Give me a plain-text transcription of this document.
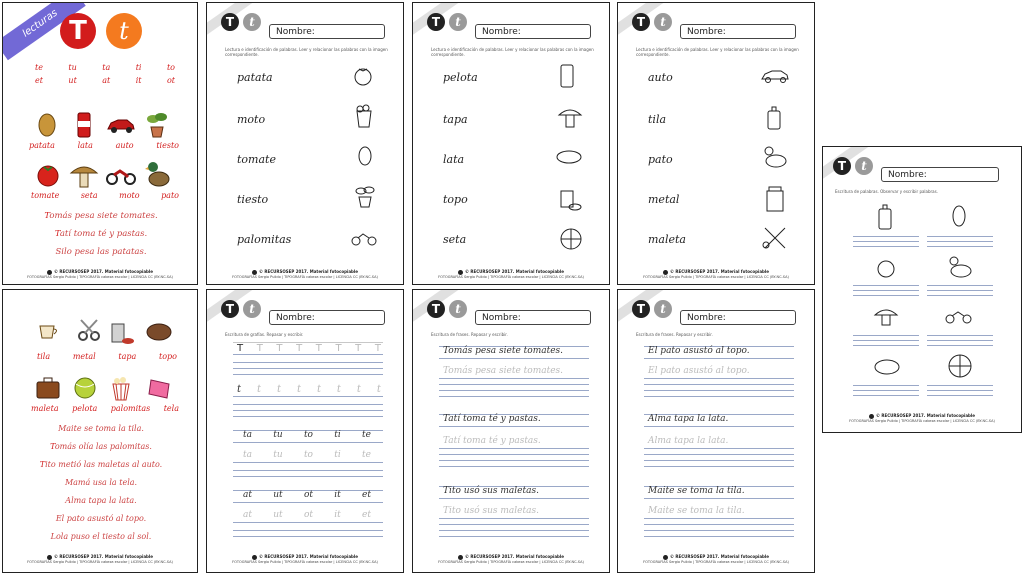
lecturas T	t
te	tu	ta	ti	to
et	ut	at	it	ot
patata	lata	auto	tiesto
tomate	seta	moto	pato
Tomás pesa siete tomates.
Tatí toma té y pastas.
Silo pesa las patatas.
© RECURSOSEP 2017. Material fotocopiable
FOTOGRAFÍAS Sergio Pulido | TIPOGRAFÍA cabeza escolar | LICENCIA CC (BY-NC-SA)
T	t
Nombre:
Lectura e identificación de palabras. Leer y relacionar las palabras con la imagen correspondiente.
patata
moto
tomate
tiesto
palomitas
© RECURSOSEP 2017. Material fotocopiable
FOTOGRAFÍAS Sergio Pulido | TIPOGRAFÍA cabeza escolar | LICENCIA CC (BY-NC-SA)
T	t
Nombre:
Lectura e identificación de palabras. Leer y relacionar las palabras con la imagen correspondiente.
pelota
tapa
lata
topo
seta
© RECURSOSEP 2017. Material fotocopiable
FOTOGRAFÍAS Sergio Pulido | TIPOGRAFÍA cabeza escolar | LICENCIA CC (BY-NC-SA)
T	t
Nombre:
Lectura e identificación de palabras. Leer y relacionar las palabras con la imagen correspondiente.
auto
tila
pato
metal
maleta
© RECURSOSEP 2017. Material fotocopiable
FOTOGRAFÍAS Sergio Pulido | TIPOGRAFÍA cabeza escolar | LICENCIA CC (BY-NC-SA)
T	t
Nombre:
Escritura de palabras. Observar y escribir palabras.
© RECURSOSEP 2017. Material fotocopiable
FOTOGRAFÍAS Sergio Pulido | TIPOGRAFÍA cabeza escolar | LICENCIA CC (BY-NC-SA)
tila	metal	tapa	topo
maleta pelota palomitas tela
Maite se toma la tila.
Tomás olía las palomitas.
Tito metió las maletas al auto.
Mamá usa la tela.
Alma tapa la lata.
El pato asustó al topo.
Lola puso el tiesto al sol.
© RECURSOSEP 2017. Material fotocopiable
FOTOGRAFÍAS Sergio Pulido | TIPOGRAFÍA cabeza escolar | LICENCIA CC (BY-NC-SA)
T	t
Nombre:
Escritura de grafías. Repasar y escribir.
T T T T T T T T
t t t t t t t t
ta tu to ti te
ta tu to ti te
at ut ot it et
at ut ot it et
© RECURSOSEP 2017. Material fotocopiable
FOTOGRAFÍAS Sergio Pulido | TIPOGRAFÍA cabeza escolar | LICENCIA CC (BY-NC-SA)
T	t
Nombre:
Escritura de frases. Repasar y escribir.
Tomás pesa siete tomates.
Tomás pesa siete tomates.
Tatí toma té y pastas.
Tatí toma té y pastas.
Tito usó sus maletas.
Tito usó sus maletas.
© RECURSOSEP 2017. Material fotocopiable
FOTOGRAFÍAS Sergio Pulido | TIPOGRAFÍA cabeza escolar | LICENCIA CC (BY-NC-SA)
T	t
Nombre:
Escritura de frases. Repasar y escribir.
El pato asustó al topo.
El pato asustó al topo.
Alma tapa la lata.
Alma tapa la lata.
Maite se toma la tila.
Maite se toma la tila.
© RECURSOSEP 2017. Material fotocopiable
FOTOGRAFÍAS Sergio Pulido | TIPOGRAFÍA cabeza escolar | LICENCIA CC (BY-NC-SA)
